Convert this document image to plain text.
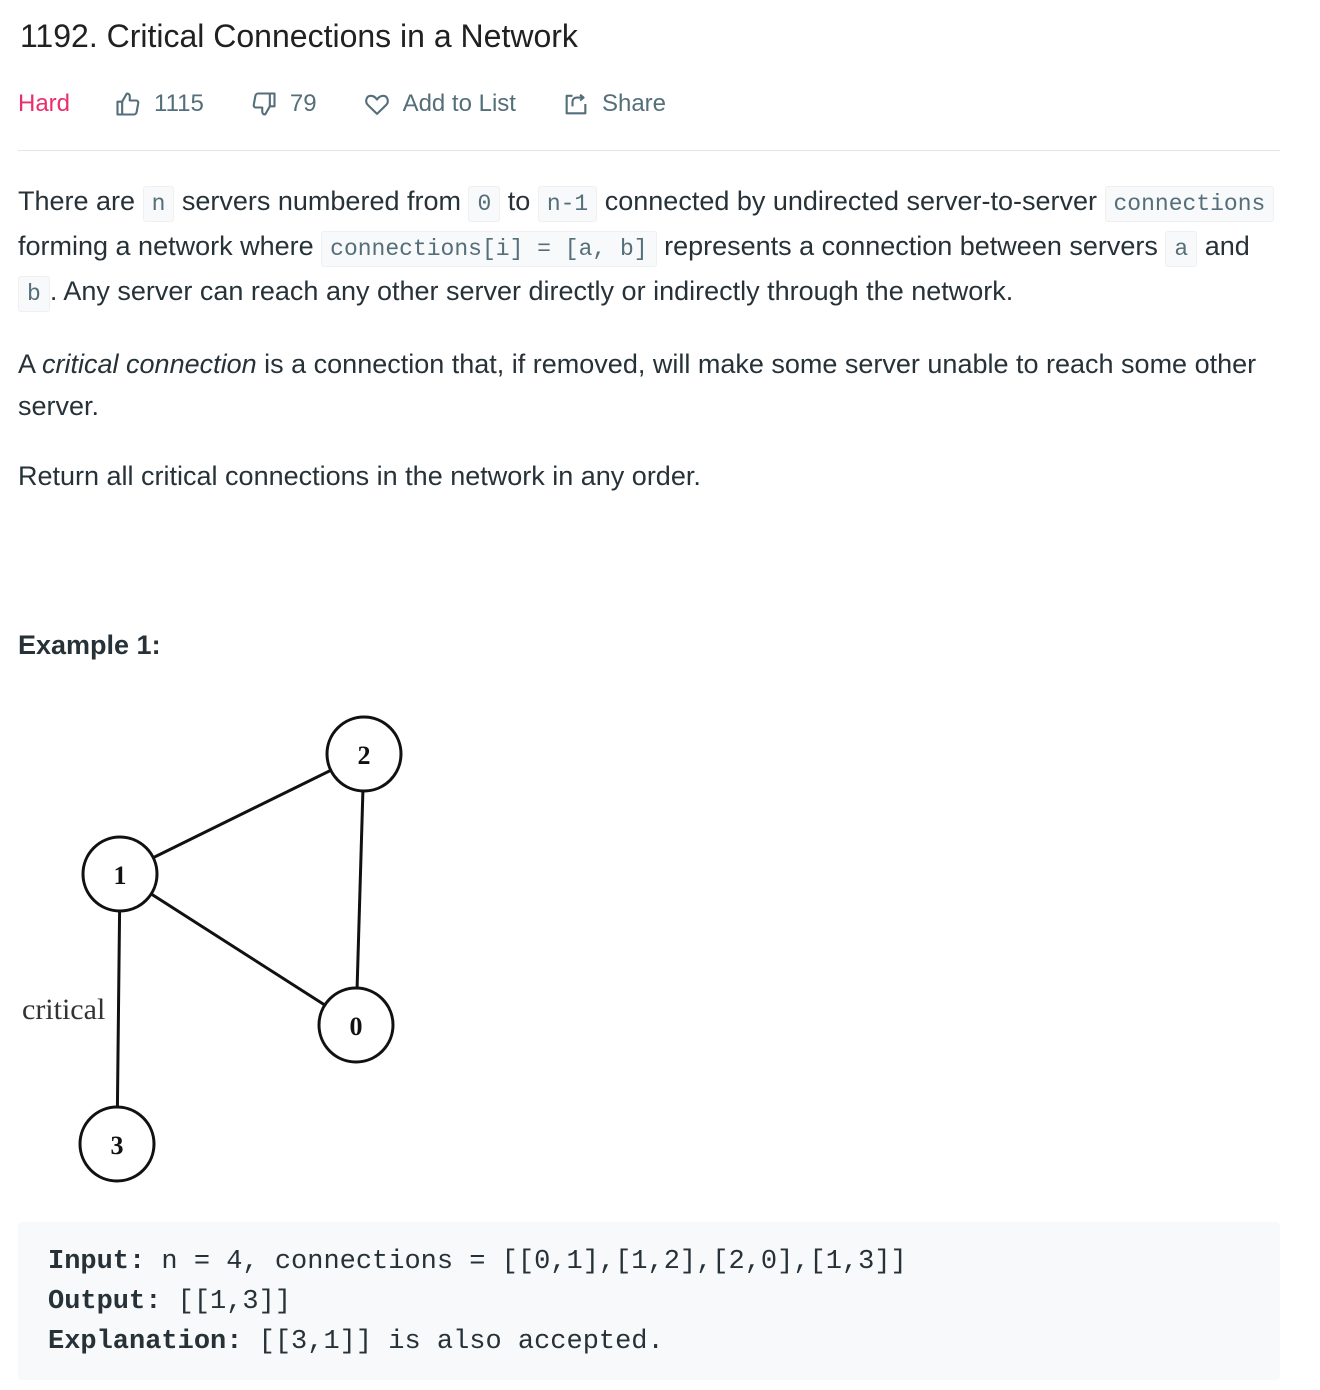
1192. Critical Connections in a Network
Hard	1115	79	Add to List	Share

There are n servers numbered from 0 to n-1 connected by undirected server-to-server connections forming a network where connections[i] = [a, b] represents a connection between servers a and b . Any server can reach any other server directly or indirectly through the network.

A critical connection is a connection that, if removed, will make some server unable to reach some other server.

Return all critical connections in the network in any order.

Example 1:
2
1
0
3
critical
Input: n = 4, connections = [[0,1],[1,2],[2,0],[1,3]]
Output: [[1,3]]
Explanation: [[3,1]] is also accepted.
